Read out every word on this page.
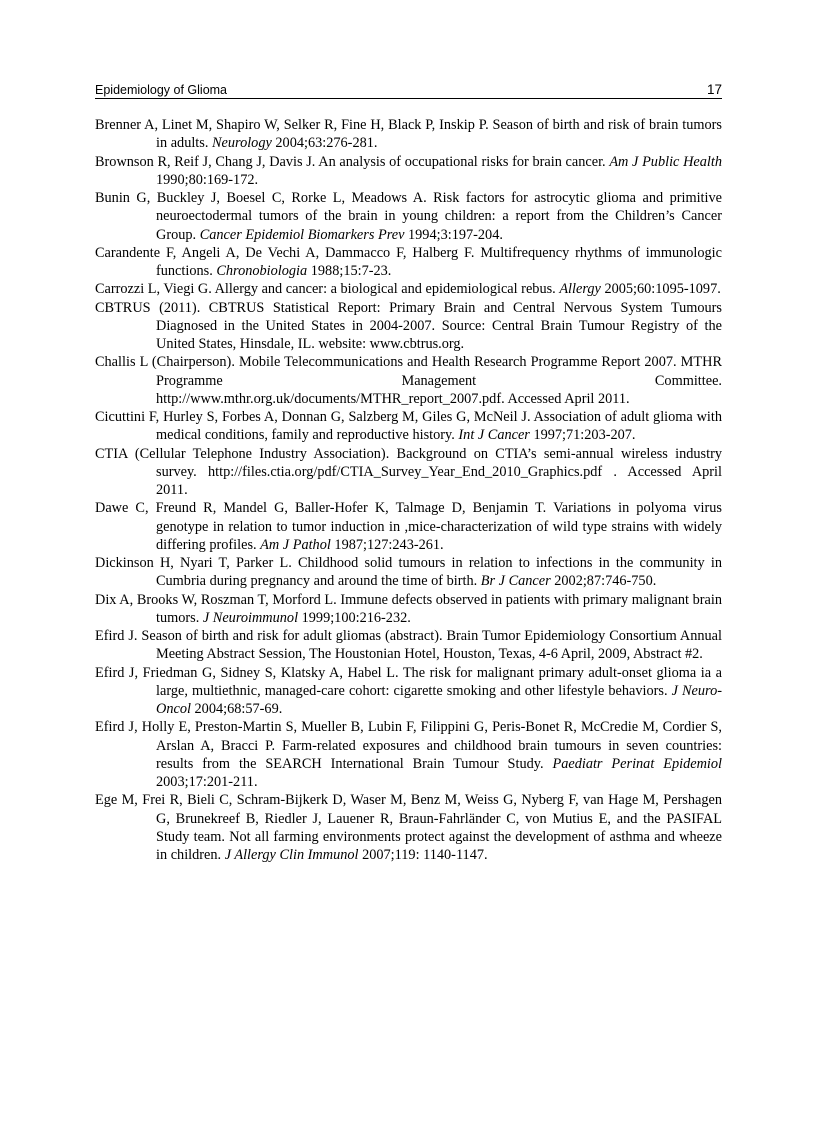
Epidemiology of Glioma	17

Brenner A, Linet M, Shapiro W, Selker R, Fine H, Black P, Inskip P. Season of birth and risk of brain tumors in adults. Neurology 2004;63:276-281.

Brownson R, Reif J, Chang J, Davis J. An analysis of occupational risks for brain cancer. Am J Public Health 1990;80:169-172.

Bunin G, Buckley J, Boesel C, Rorke L, Meadows A. Risk factors for astrocytic glioma and primitive neuroectodermal tumors of the brain in young children: a report from the Children’s Cancer Group. Cancer Epidemiol Biomarkers Prev 1994;3:197-204.

Carandente F, Angeli A, De Vechi A, Dammacco F, Halberg F. Multifrequency rhythms of immunologic functions. Chronobiologia 1988;15:7-23.

Carrozzi L, Viegi G. Allergy and cancer: a biological and epidemiological rebus. Allergy 2005;60:1095-1097.

CBTRUS (2011). CBTRUS Statistical Report: Primary Brain and Central Nervous System Tumours Diagnosed in the United States in 2004-2007. Source: Central Brain Tumour Registry of the United States, Hinsdale, IL. website: www.cbtrus.org.

Challis L (Chairperson). Mobile Telecommunications and Health Research Programme Report 2007. MTHR Programme Management Committee. http://www.mthr.org.uk/documents/MTHR_report_2007.pdf. Accessed April 2011.

Cicuttini F, Hurley S, Forbes A, Donnan G, Salzberg M, Giles G, McNeil J. Association of adult glioma with medical conditions, family and reproductive history. Int J Cancer 1997;71:203-207.

CTIA (Cellular Telephone Industry Association). Background on CTIA’s semi-annual wireless industry survey. http://files.ctia.org/pdf/CTIA_Survey_Year_End_2010_Graphics.pdf . Accessed April 2011.

Dawe C, Freund R, Mandel G, Baller-Hofer K, Talmage D, Benjamin T. Variations in polyoma virus genotype in relation to tumor induction in ,mice-characterization of wild type strains with widely differing profiles. Am J Pathol 1987;127:243-261.

Dickinson H, Nyari T, Parker L. Childhood solid tumours in relation to infections in the community in Cumbria during pregnancy and around the time of birth. Br J Cancer 2002;87:746-750.

Dix A, Brooks W, Roszman T, Morford L. Immune defects observed in patients with primary malignant brain tumors. J Neuroimmunol 1999;100:216-232.

Efird J. Season of birth and risk for adult gliomas (abstract). Brain Tumor Epidemiology Consortium Annual Meeting Abstract Session, The Houstonian Hotel, Houston, Texas, 4-6 April, 2009, Abstract #2.

Efird J, Friedman G, Sidney S, Klatsky A, Habel L. The risk for malignant primary adult-onset glioma ia a large, multiethnic, managed-care cohort: cigarette smoking and other lifestyle behaviors. J Neuro-Oncol 2004;68:57-69.

Efird J, Holly E, Preston-Martin S, Mueller B, Lubin F, Filippini G, Peris-Bonet R, McCredie M, Cordier S, Arslan A, Bracci P. Farm-related exposures and childhood brain tumours in seven countries: results from the SEARCH International Brain Tumour Study. Paediatr Perinat Epidemiol 2003;17:201-211.

Ege M, Frei R, Bieli C, Schram-Bijkerk D, Waser M, Benz M, Weiss G, Nyberg F, van Hage M, Pershagen G, Brunekreef B, Riedler J, Lauener R, Braun-Fahrländer C, von Mutius E, and the PASIFAL Study team. Not all farming environments protect against the development of asthma and wheeze in children. J Allergy Clin Immunol 2007;119: 1140-1147.
